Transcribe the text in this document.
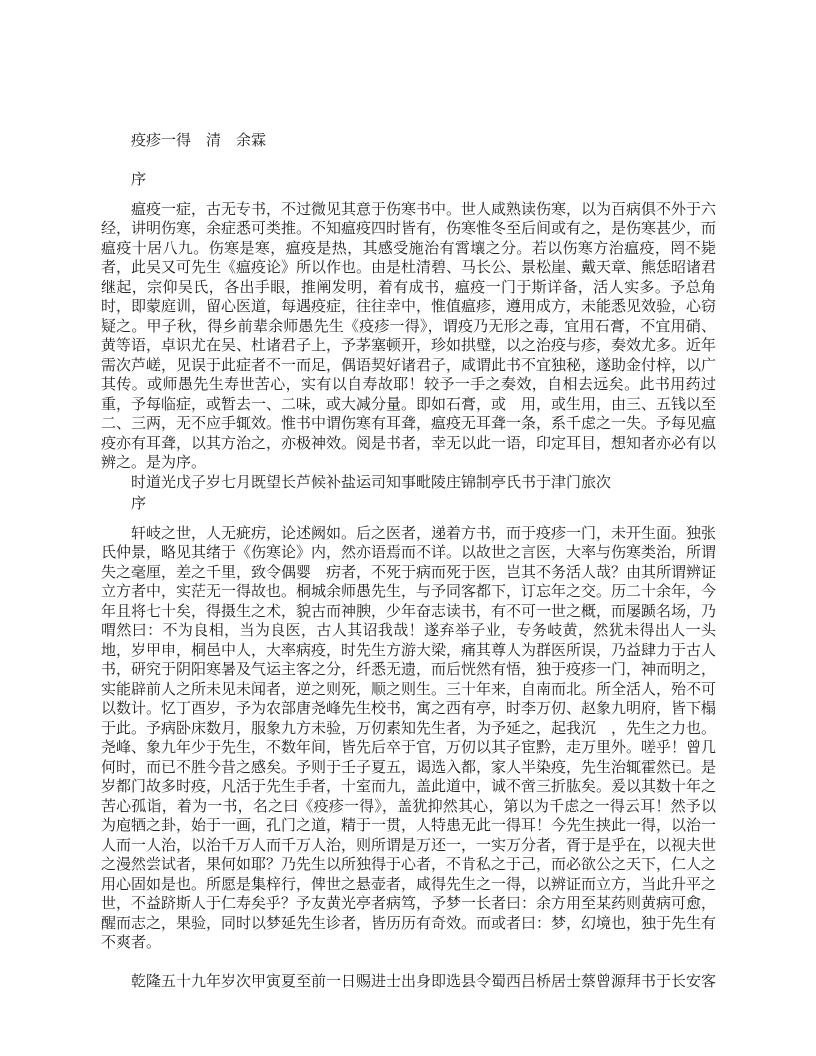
疫疹一得　清　余霖

序

瘟疫一症，古无专书，不过微见其意于伤寒书中。世人咸熟读伤寒，以为百病俱不外于六经，讲明伤寒，余症悉可类推。不知瘟疫四时皆有，伤寒惟冬至后间或有之，是伤寒甚少，而瘟疫十居八九。伤寒是寒，瘟疫是热，其感受施治有霄壤之分。若以伤寒方治瘟疫，罔不毙者，此吴又可先生《瘟疫论》所以作也。由是杜清碧、马长公、景松崖、戴天章、熊恁昭诸君继起，宗仰吴氏，各出手眼，推阐发明，着有成书，瘟疫一门于斯详备，活人实多。予总角时，即蒙庭训，留心医道，每遇疫症，往往幸中，惟值瘟疹，遵用成方，未能悉见效验，心窃疑之。甲子秋，得乡前辈余师愚先生《疫疹一得》，谓疫乃无形之毒，宜用石膏，不宜用硝、黄等语，卓识尤在吴、杜诸君子上，予茅塞顿开，珍如拱璧，以之治疫与疹，奏效尤多。近年需次芦嵯，见误于此症者不一而足，偶语契好诸君子，咸谓此书不宜独秘，遂助金付梓，以广其传。或师愚先生寿世苦心，实有以自寿故耶！较予一手之奏效，自相去远矣。此书用药过重，予每临症，或暂去一、二味，或大减分量。即如石膏，或　用，或生用，由三、五钱以至二、三两，无不应手辄效。惟书中谓伤寒有耳聋，瘟疫无耳聋一条，系千虑之一失。予每见瘟疫亦有耳聋，以其方治之，亦极神效。阅是书者，幸无以此一语，印定耳目，想知者亦必有以辨之。是为序。

时道光戊子岁七月既望长芦候补盐运司知事毗陵庄锦制亭氏书于津门旅次

序

轩岐之世，人无疵疠，论述阙如。后之医者，递着方书，而于疫疹一门，未开生面。独张氏仲景，略见其绪于《伤寒论》内，然亦语焉而不详。以故世之言医，大率与伤寒类治，所谓失之毫厘，差之千里，致令偶婴　疠者，不死于病而死于医，岂其不务活人哉？由其所谓辨证立方者中，实茫无一得故也。桐城余师愚先生，与予同客都下，订忘年之交。历二十余年，今年且将七十矣，得摄生之术，貌古而神腴，少年奋志读书，有不可一世之概，而屡踬名场，乃喟然曰：不为良相，当为良医，古人其诏我哉！遂弃举子业，专务岐黄，然犹未得出人一头地，岁甲申，桐邑中人，大率病疫，时先生方游大梁，痛其尊人为群医所误，乃益肆力于古人书，研究于阴阳寒暑及气运主客之分，纤悉无遗，而后恍然有悟，独于疫疹一门，神而明之，实能辟前人之所未见未闻者，逆之则死，顺之则生。三十年来，自南而北。所全活人，殆不可以数计。忆丁酉岁，予为农部唐尧峰先生校书，寓之西有亭，时李万仞、赵象九明府，皆下榻于此。予病卧床数月，服象九方未验，万仞素知先生者，为予延之，起我沉　，先生之力也。尧峰、象九年少于先生，不数年间，皆先后卒于官，万仞以其子宦黔，走万里外。嗟乎！曾几何时，而已不胜今昔之感矣。予则于壬子夏五，谒选入都，家人半染疫，先生治辄霍然已。是岁都门故多时疫，凡活于先生手者，十室而九，盖此道中，诚不啻三折肱矣。爰以其数十年之苦心孤诣，着为一书，名之曰《疫疹一得》，盖犹抑然其心，第以为千虑之一得云耳！然予以为庖牺之卦，始于一画，孔门之道，精于一贯，人特患无此一得耳！今先生挟此一得，以治一人而一人治，以治千万人而千万人治，则所谓是万还一，一实万分者，胥于是乎在，以视夫世之漫然尝试者，果何如耶？乃先生以所独得于心者，不肯私之于己，而必欲公之天下，仁人之用心固如是也。所愿是集梓行，俾世之悬壶者，咸得先生之一得，以辨证而立方，当此升平之世，不益跻斯人于仁寿矣乎？予友黄光亭者病笃，予梦一长者曰：余方用至某药则黄病可愈，醒而志之，果验，同时以梦延先生诊者，皆历历有奇效。而或者曰：梦，幻境也，独于先生有不爽者。

乾隆五十九年岁次甲寅夏至前一日赐进士出身即选县令蜀西吕桥居士蔡曾源拜书于长安客
